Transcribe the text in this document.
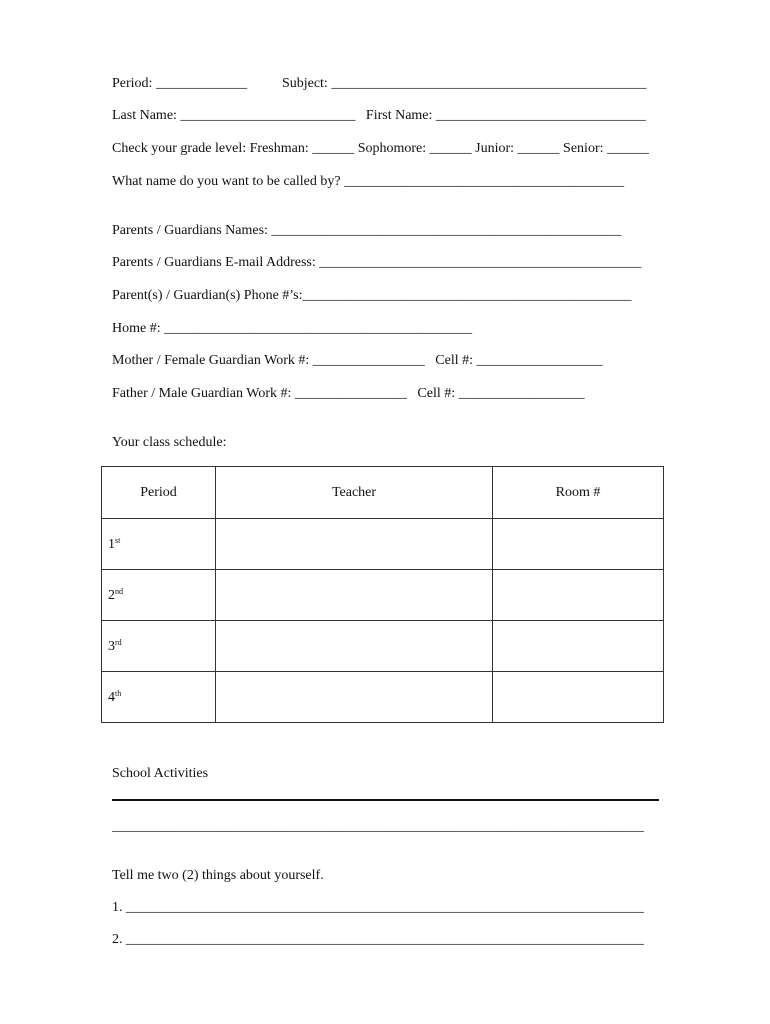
Period: _____________          Subject: _____________________________________________
Last Name: _________________________   First Name: ______________________________
Check your grade level: Freshman: ______ Sophomore: ______ Junior: ______ Senior: ______
What name do you want to be called by? ________________________________________
Parents / Guardians Names: __________________________________________________
Parents / Guardians E-mail Address: ______________________________________________
Parent(s) / Guardian(s) Phone #’s:_______________________________________________
Home #: ____________________________________________
Mother / Female Guardian Work #: ________________   Cell #: __________________
Father / Male Guardian Work #: ________________   Cell #: __________________
Your class schedule:
Period	Teacher	Room #
1st		
2nd		
3rd		
4th		
School Activities
____________________________________________________________________________
Tell me two (2) things about yourself.
1. __________________________________________________________________________
2. __________________________________________________________________________
